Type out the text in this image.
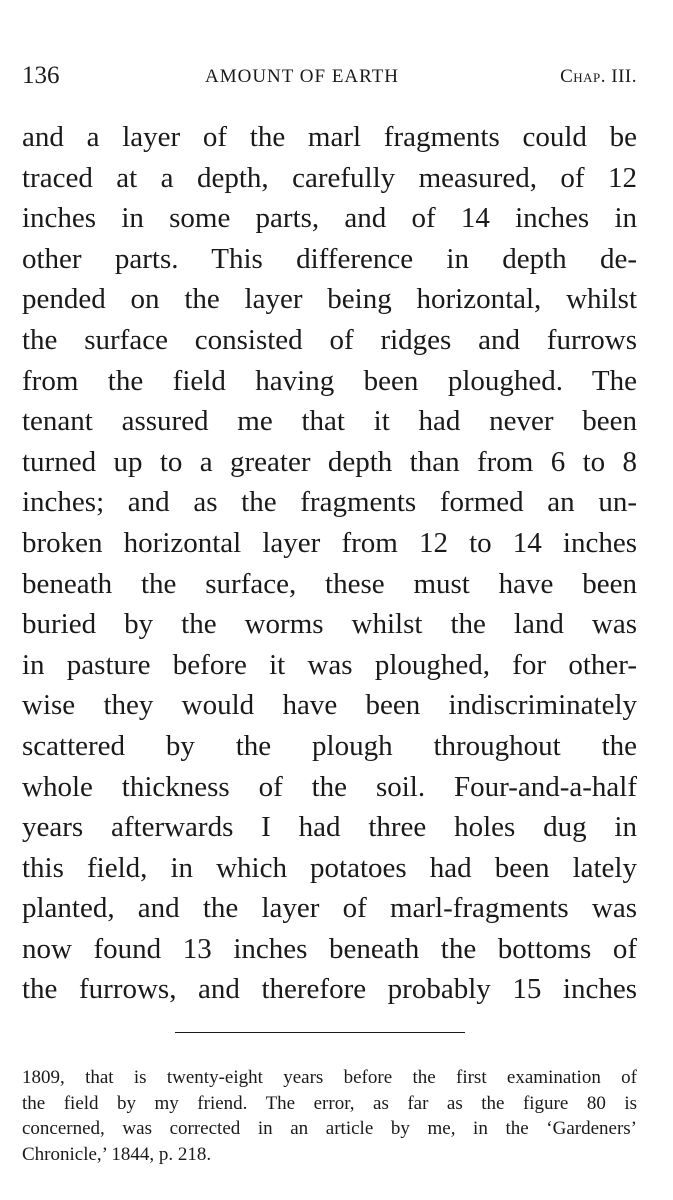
136	AMOUNT OF EARTH	Chap. III.
and a layer of the marl fragments could be
traced at a depth, carefully measured, of 12
inches in some parts, and of 14 inches in
other parts. This difference in depth de-
pended on the layer being horizontal, whilst
the surface consisted of ridges and furrows
from the field having been ploughed. The
tenant assured me that it had never been
turned up to a greater depth than from 6 to 8
inches; and as the fragments formed an un-
broken horizontal layer from 12 to 14 inches
beneath the surface, these must have been
buried by the worms whilst the land was
in pasture before it was ploughed, for other-
wise they would have been indiscriminately
scattered by the plough throughout the
whole thickness of the soil. Four-and-a-half
years afterwards I had three holes dug in
this field, in which potatoes had been lately
planted, and the layer of marl-fragments was
now found 13 inches beneath the bottoms of
the furrows, and therefore probably 15 inches
1809, that is twenty-eight years before the first examination of
the field by my friend. The error, as far as the figure 80 is
concerned, was corrected in an article by me, in the ‘Gardeners’
Chronicle,’ 1844, p. 218.
